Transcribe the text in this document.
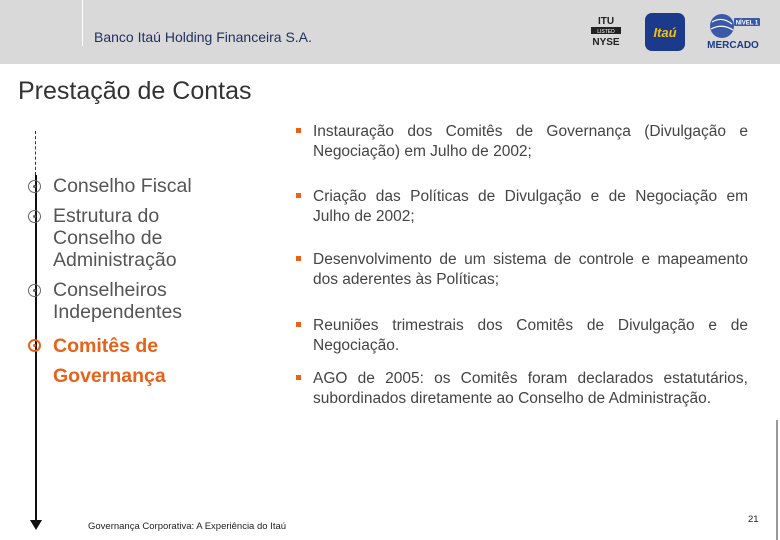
Banco Itaú Holding Financeira S.A.
ITU
LISTED
NYSE
Itaú
NÍVEL 1
MERCADO
Prestação de Contas
Conselho Fiscal
Estrutura do Conselho de Administração
Conselheiros Independentes
Comitês de Governança
Instauração dos Comitês de Governança (Divulgação e Negociação) em Julho de 2002;
Criação das Políticas de Divulgação e de Negociação em Julho de 2002;
Desenvolvimento de um sistema de controle e mapeamento dos aderentes às Políticas;
Reuniões trimestrais dos Comitês de Divulgação e de Negociação.
AGO de 2005: os Comitês foram declarados estatutários, subordinados diretamente ao Conselho de Administração.
Governança Corporativa: A Experiência do Itaú
21
